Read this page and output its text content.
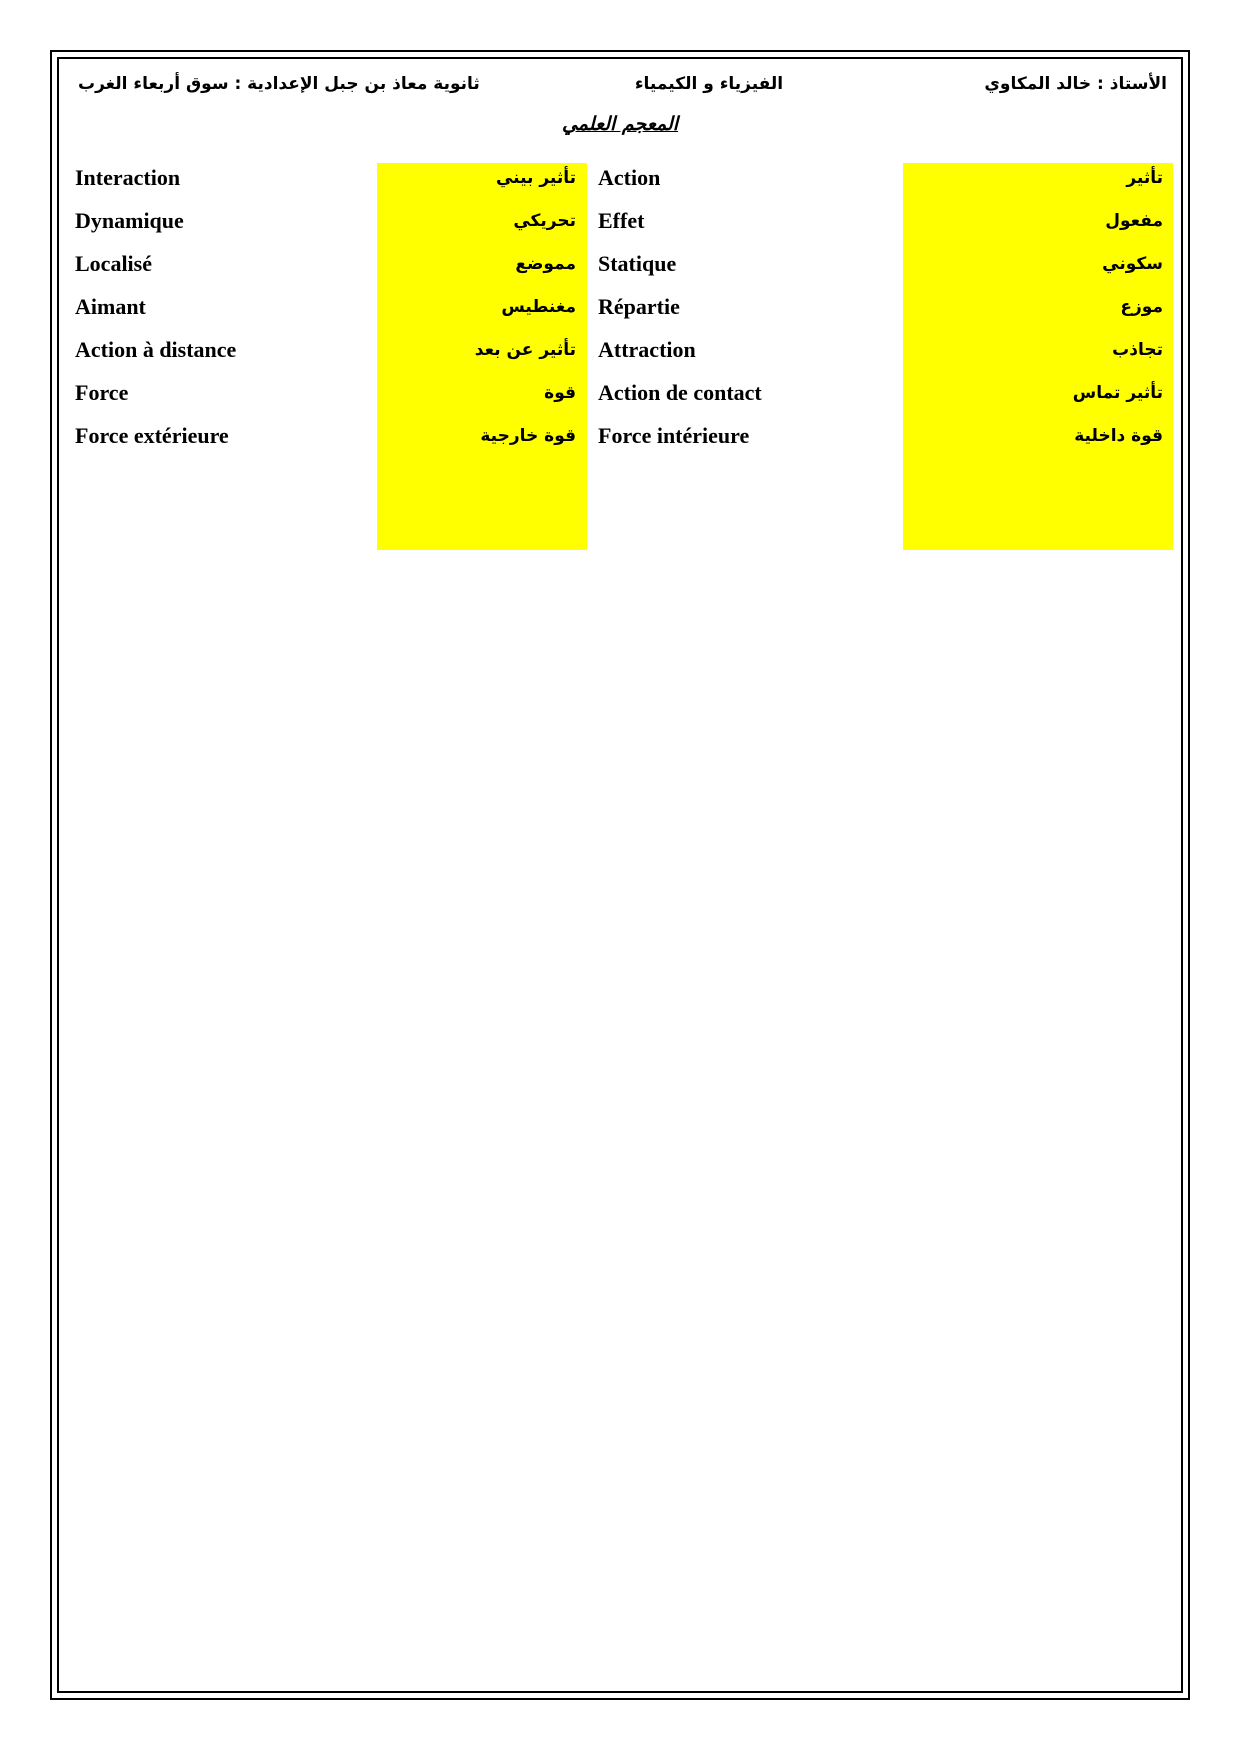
الأستاذ : خالد المكاوي
الفيزياء و الكيمياء
ثانوية معاذ بن جبل الإعدادية : سوق أربعاء الغرب
المعجم العلمي
Interaction	تأثير بيني Action	تأثير
Dynamique	تحريكي Effet	مفعول
Localisé	مموضع Statique	سكوني
Aimant	مغنطيس Répartie	موزع
Action à distance	تأثير عن بعد Attraction	تجاذب
Force	قوة Action de contact	تأثير تماس
Force extérieure	قوة خارجية Force intérieure	قوة داخلية
